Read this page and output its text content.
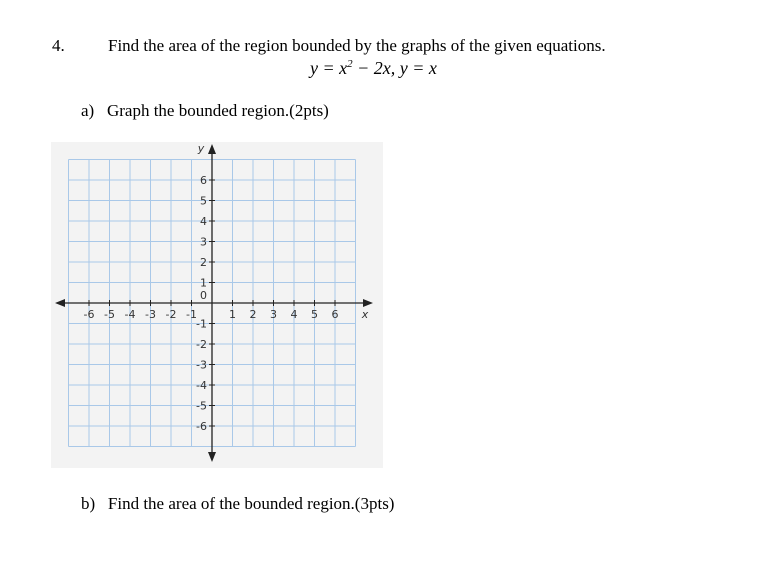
4.	Find the area of the region bounded by the graphs of the given equations.
$y = x^2 - 2x$, y = x
a)   Graph the bounded region.(2pts)
-6 -5 -4 -3 -2 -1	1 2 3 4 5 6
6
5
4
3
2
1
-1
-2
-3
-4
-5
-6
0
x
y
b)   Find the area of the bounded region.(3pts)
